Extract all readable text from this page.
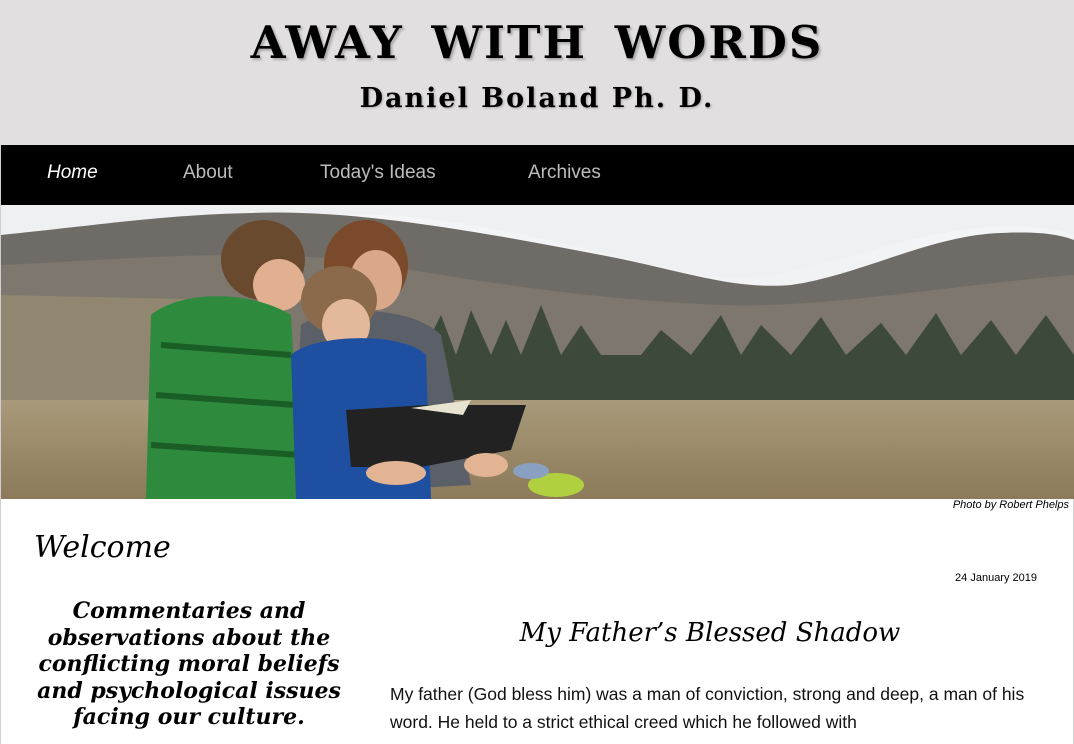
AWAY WITH WORDS
Daniel Boland Ph. D.
Home	About	Today's Ideas	Archives
Photo by Robert Phelps
Welcome
Commentaries and observations about the conflicting moral beliefs and psychological issues facing our culture.
24 January 2019
My Father’s Blessed Shadow
My father (God bless him) was a man of conviction, strong and deep, a man of his word. He held to a strict ethical creed which he followed with
